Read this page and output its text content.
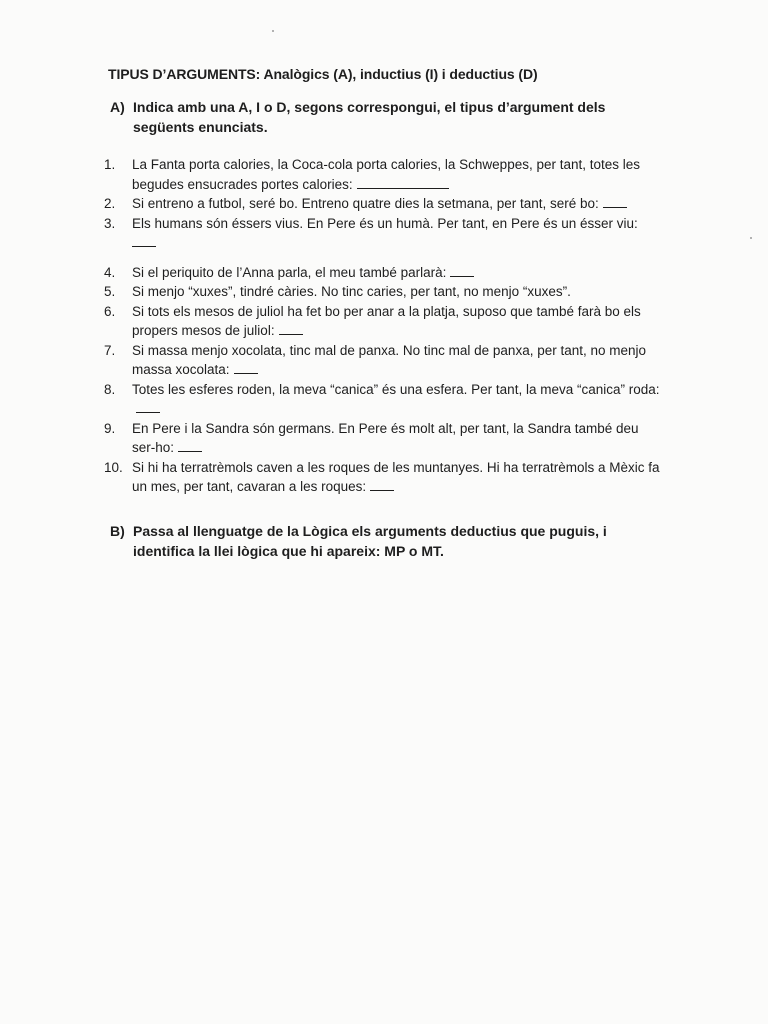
TIPUS D’ARGUMENTS: Analògics (A), inductius (I) i deductius (D)
A) Indica amb una A, I o D, segons correspongui, el tipus d’argument dels següents enunciats.
1.	La Fanta porta calories, la Coca-cola porta calories, la Schweppes, per tant, totes les begudes ensucrades portes calories:
2.	Si entreno a futbol, seré bo. Entreno quatre dies la setmana, per tant, seré bo:
3.	Els humans són éssers vius. En Pere és un humà. Per tant, en Pere és un ésser viu:

4.	Si el periquito de l’Anna parla, el meu també parlarà:
5.	Si menjo “xuxes”, tindré càries. No tinc caries, per tant, no menjo “xuxes”.
6.	Si tots els mesos de juliol ha fet bo per anar a la platja, suposo que també farà bo els propers mesos de juliol:
7.	Si massa menjo xocolata, tinc mal de panxa. No tinc mal de panxa, per tant, no menjo massa xocolata:
8.	Totes les esferes roden, la meva “canica” és una esfera. Per tant, la meva “canica” roda:
9.	En Pere i la Sandra són germans. En Pere és molt alt, per tant, la Sandra també deu ser-ho:
10. Si hi ha terratrèmols caven a les roques de les muntanyes. Hi ha terratrèmols a Mèxic fa un mes, per tant, cavaran a les roques:
B) Passa al llenguatge de la Lògica els arguments deductius que puguis, i identifica la llei lògica que hi apareix: MP o MT.
